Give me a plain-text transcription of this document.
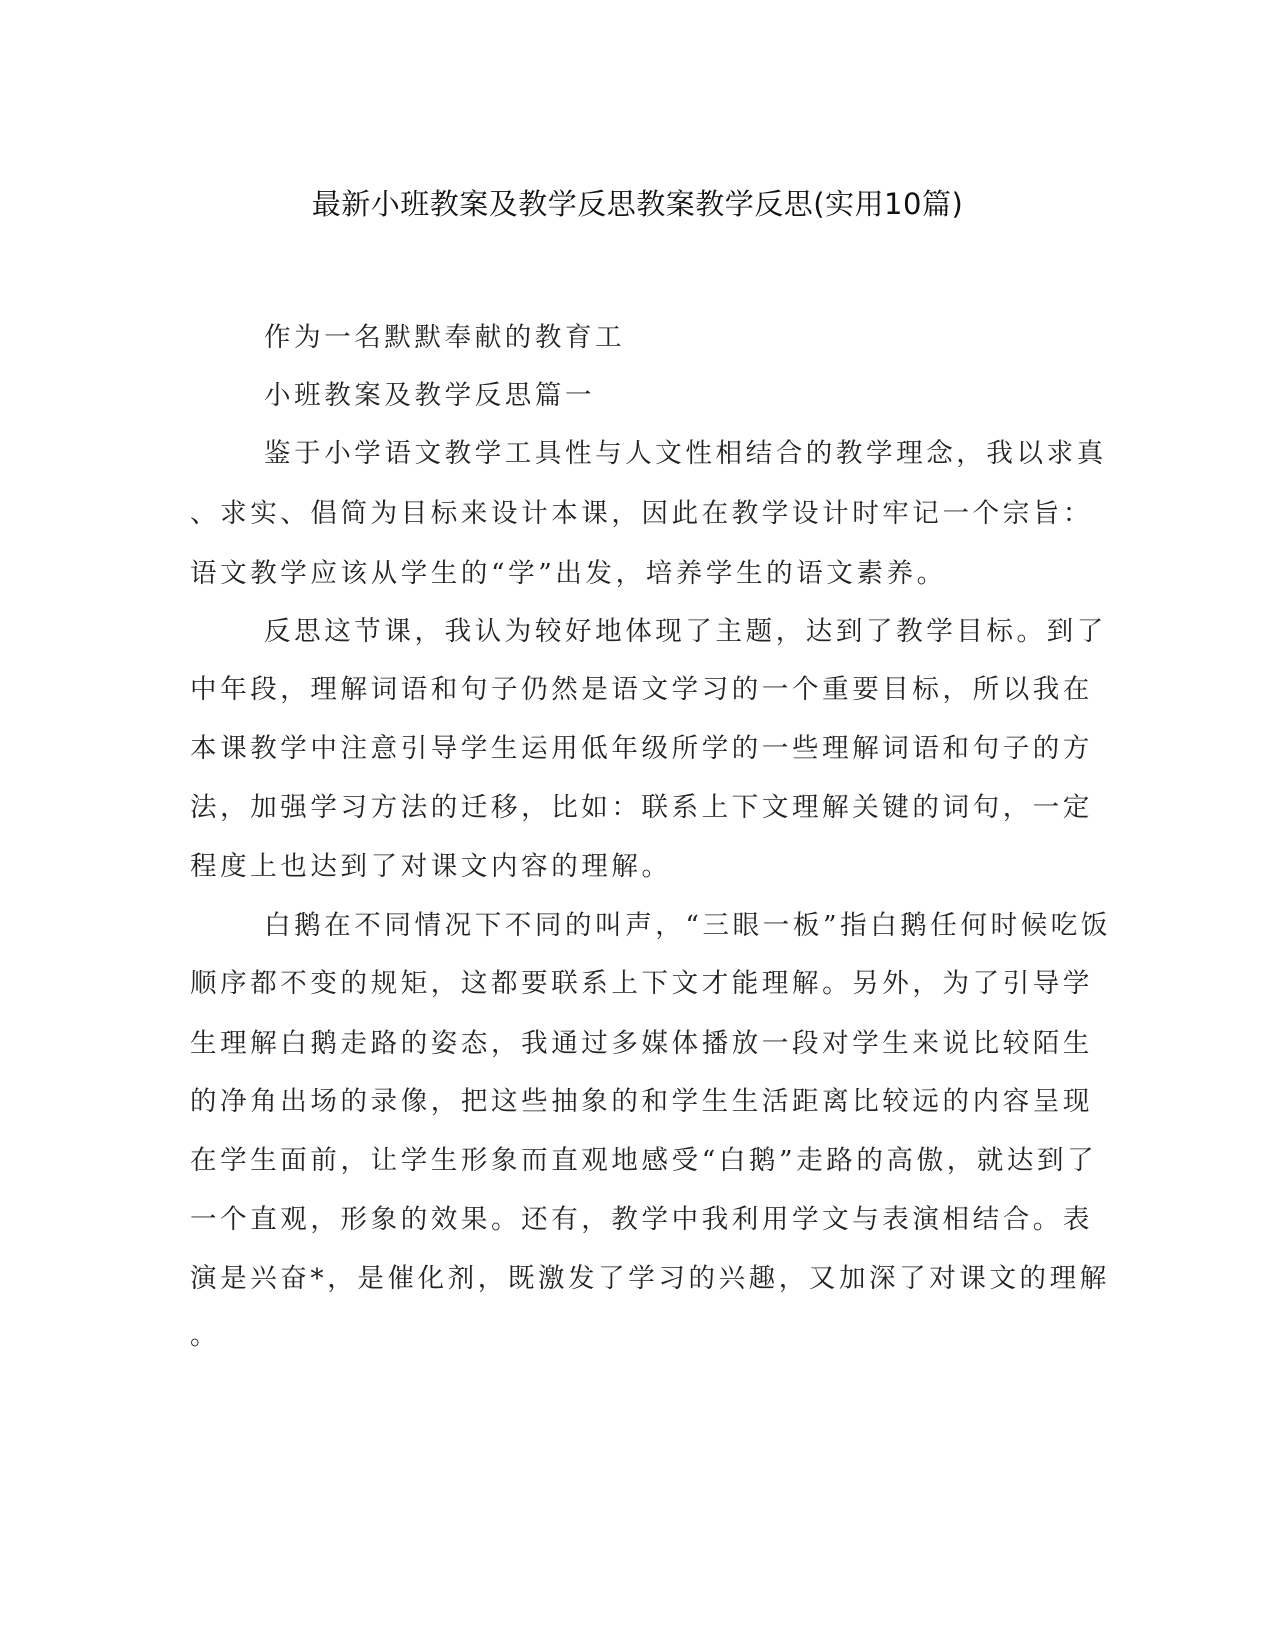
最新小班教案及教学反思教案教学反思(实用10篇)
作为一名默默奉献的教育工
小班教案及教学反思篇一
鉴于小学语文教学工具性与人文性相结合的教学理念，我以求真
、求实、倡简为目标来设计本课，因此在教学设计时牢记一个宗旨：
语文教学应该从学生的“学”出发，培养学生的语文素养。
反思这节课，我认为较好地体现了主题，达到了教学目标。到了
中年段，理解词语和句子仍然是语文学习的一个重要目标，所以我在
本课教学中注意引导学生运用低年级所学的一些理解词语和句子的方
法，加强学习方法的迁移，比如：联系上下文理解关键的词句，一定
程度上也达到了对课文内容的理解。
白鹅在不同情况下不同的叫声，“三眼一板”指白鹅任何时候吃饭
顺序都不变的规矩，这都要联系上下文才能理解。另外，为了引导学
生理解白鹅走路的姿态，我通过多媒体播放一段对学生来说比较陌生
的净角出场的录像，把这些抽象的和学生生活距离比较远的内容呈现
在学生面前，让学生形象而直观地感受“白鹅”走路的高傲，就达到了
一个直观，形象的效果。还有，教学中我利用学文与表演相结合。表
演是兴奋*，是催化剂，既激发了学习的兴趣，又加深了对课文的理解
。
